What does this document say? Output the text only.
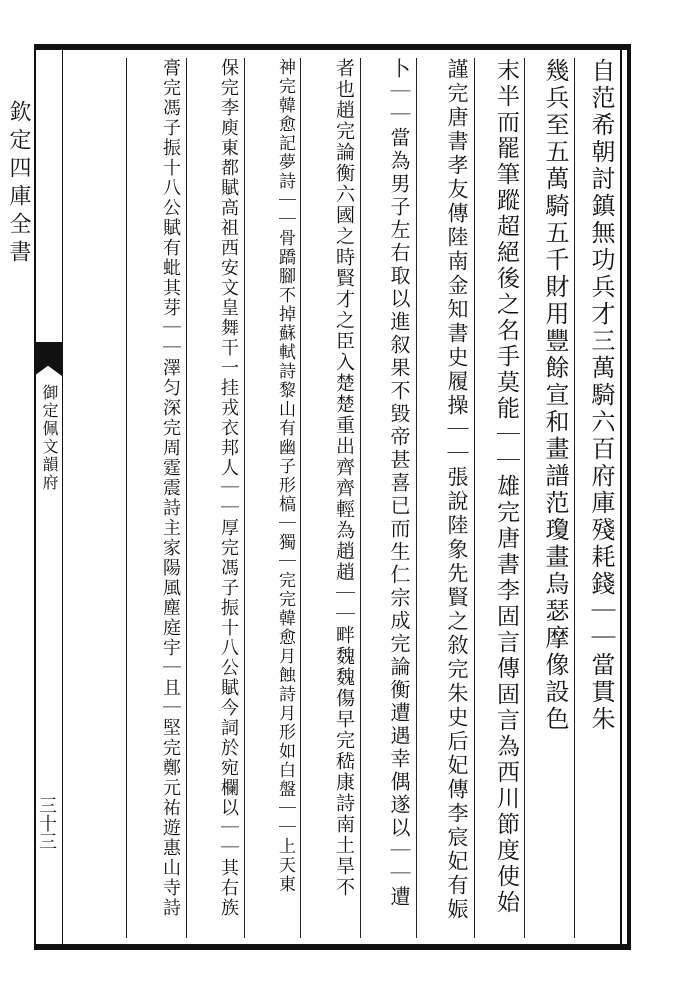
欽定四庫全書
御定佩文韻府
三十三
自范希朝討鎮無功兵才三萬騎六百府庫殘耗錢｜｜當貫朱
幾兵至五萬騎五千財用豐餘宣和畫譜范瓊畫烏瑟摩像設色
末半而罷筆蹤超絕後之名手莫能｜｜雄完唐書李固言傳固言為西川節度使始
謹完唐書孝友傳陸南金知書史履操｜｜張說陸象先賢之敘完朱史后妃傳李宸妃有娠
卜｜｜當為男子左右取以進叙果不毀帝甚喜已而生仁宗成完論衡遭遇幸偶遂以｜｜遭
者也趙完論衡六國之時賢才之臣入楚楚重出齊齊輕為趙趙｜｜畔魏魏傷早完嵇康詩南土旱不
神完韓愈記夢詩｜｜骨蹻腳不掉蘇軾詩黎山有幽子形槁｜獨｜完完韓愈月蝕詩月形如白盤｜｜上天東
保完李庾東都賦高祖西安文皇舞干一挂戎衣邦人｜｜厚完馮子振十八公賦今詞於宛欄以｜｜其右族
膏完馮子振十八公賦有蚍其芽｜｜澤匀深完周霆震詩主家陽風塵庭宇｜且｜堅完鄭元祐遊惠山寺詩
